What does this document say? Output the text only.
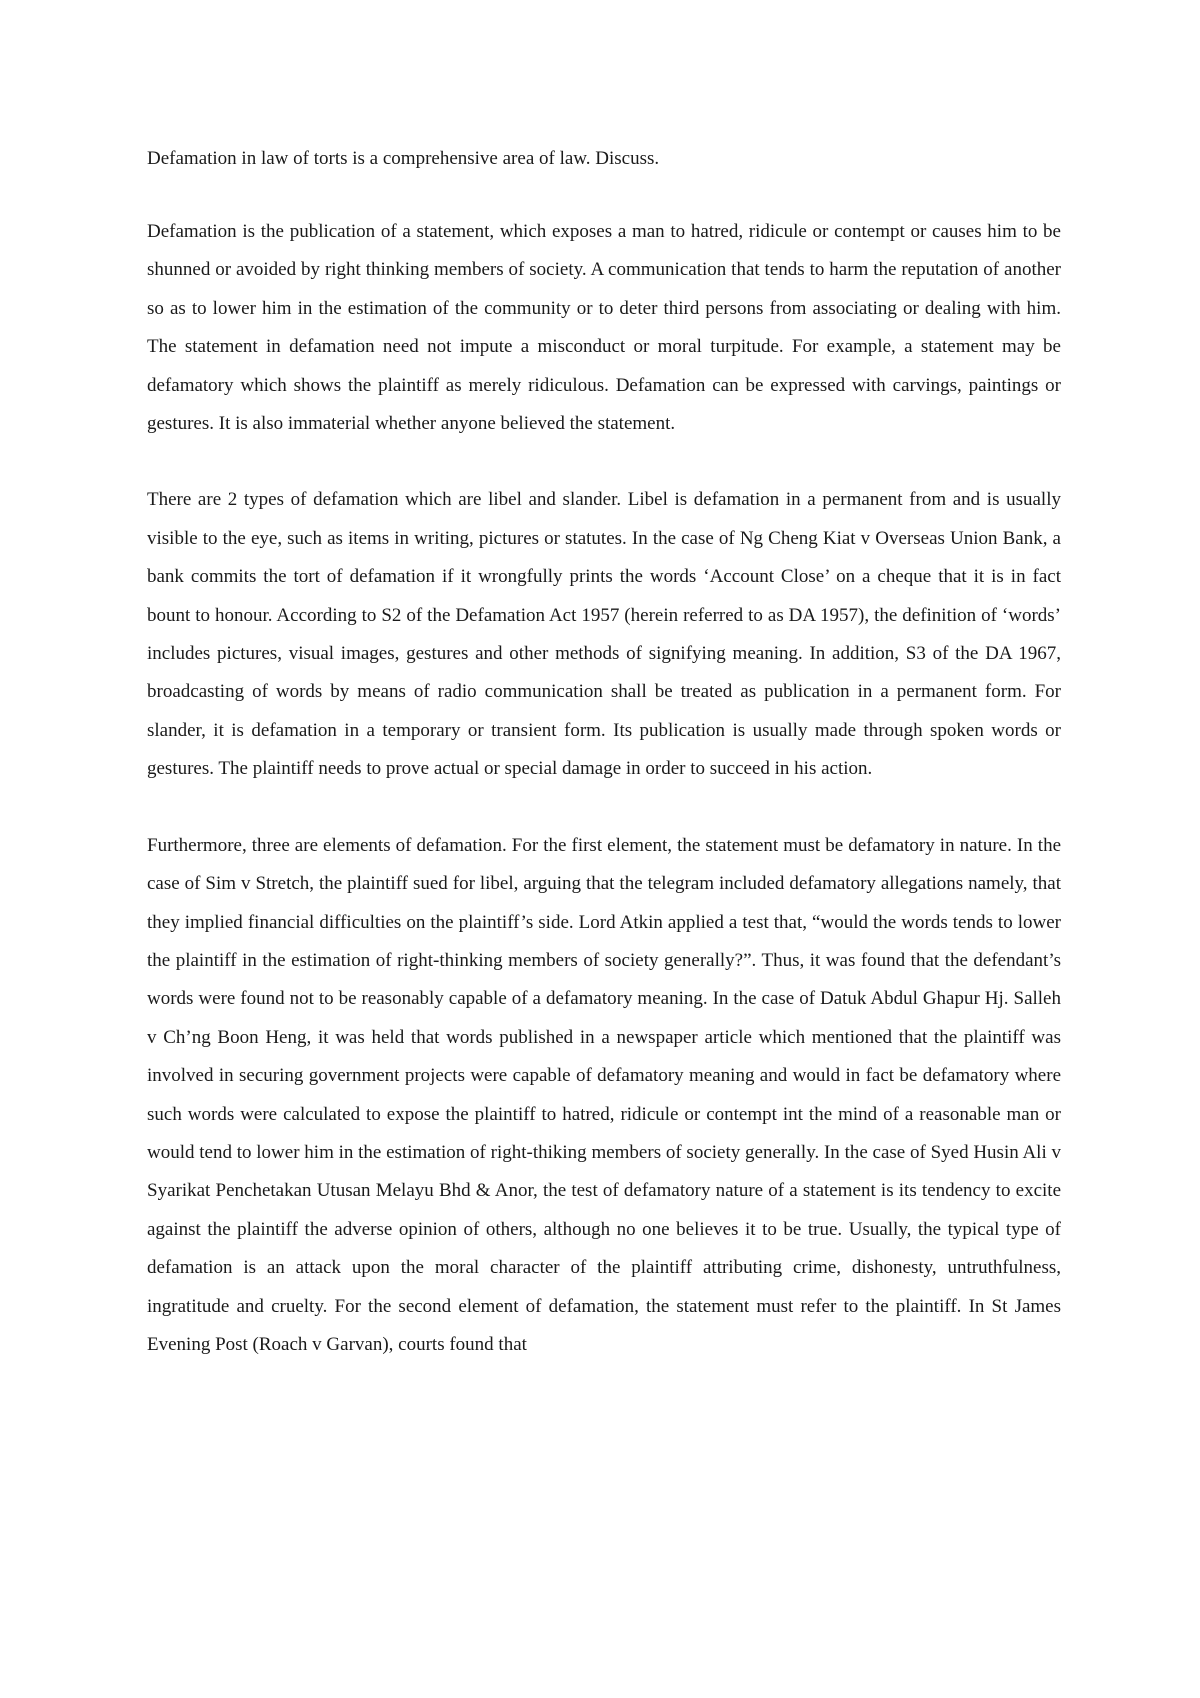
Defamation in law of torts is a comprehensive area of law. Discuss.

Defamation is the publication of a statement, which exposes a man to hatred, ridicule or contempt or causes him to be shunned or avoided by right thinking members of society. A communication that tends to harm the reputation of another so as to lower him in the estimation of the community or to deter third persons from associating or dealing with him. The statement in defamation need not impute a misconduct or moral turpitude. For example, a statement may be defamatory which shows the plaintiff as merely ridiculous. Defamation can be expressed with carvings, paintings or gestures. It is also immaterial whether anyone believed the statement.

There are 2 types of defamation which are libel and slander. Libel is defamation in a permanent from and is usually visible to the eye, such as items in writing, pictures or statutes. In the case of Ng Cheng Kiat v Overseas Union Bank, a bank commits the tort of defamation if it wrongfully prints the words ‘Account Close’ on a cheque that it is in fact bount to honour. According to S2 of the Defamation Act 1957 (herein referred to as DA 1957), the definition of ‘words’ includes pictures, visual images, gestures and other methods of signifying meaning. In addition, S3 of the DA 1967, broadcasting of words by means of radio communication shall be treated as publication in a permanent form. For slander, it is defamation in a temporary or transient form. Its publication is usually made through spoken words or gestures. The plaintiff needs to prove actual or special damage in order to succeed in his action.

Furthermore, three are elements of defamation. For the first element, the statement must be defamatory in nature. In the case of Sim v Stretch, the plaintiff sued for libel, arguing that the telegram included defamatory allegations namely, that they implied financial difficulties on the plaintiff’s side. Lord Atkin applied a test that, “would the words tends to lower the plaintiff in the estimation of right-thinking members of society generally?”. Thus, it was found that the defendant’s words were found not to be reasonably capable of a defamatory meaning. In the case of Datuk Abdul Ghapur Hj. Salleh v Ch’ng Boon Heng, it was held that words published in a newspaper article which mentioned that the plaintiff was involved in securing government projects were capable of defamatory meaning and would in fact be defamatory where such words were calculated to expose the plaintiff to hatred, ridicule or contempt int the mind of a reasonable man or would tend to lower him in the estimation of right-thiking members of society generally. In the case of Syed Husin Ali v Syarikat Penchetakan Utusan Melayu Bhd & Anor, the test of defamatory nature of a statement is its tendency to excite against the plaintiff the adverse opinion of others, although no one believes it to be true. Usually, the typical type of defamation is an attack upon the moral character of the plaintiff attributing crime, dishonesty, untruthfulness, ingratitude and cruelty. For the second element of defamation, the statement must refer to the plaintiff. In St James Evening Post (Roach v Garvan), courts found that
